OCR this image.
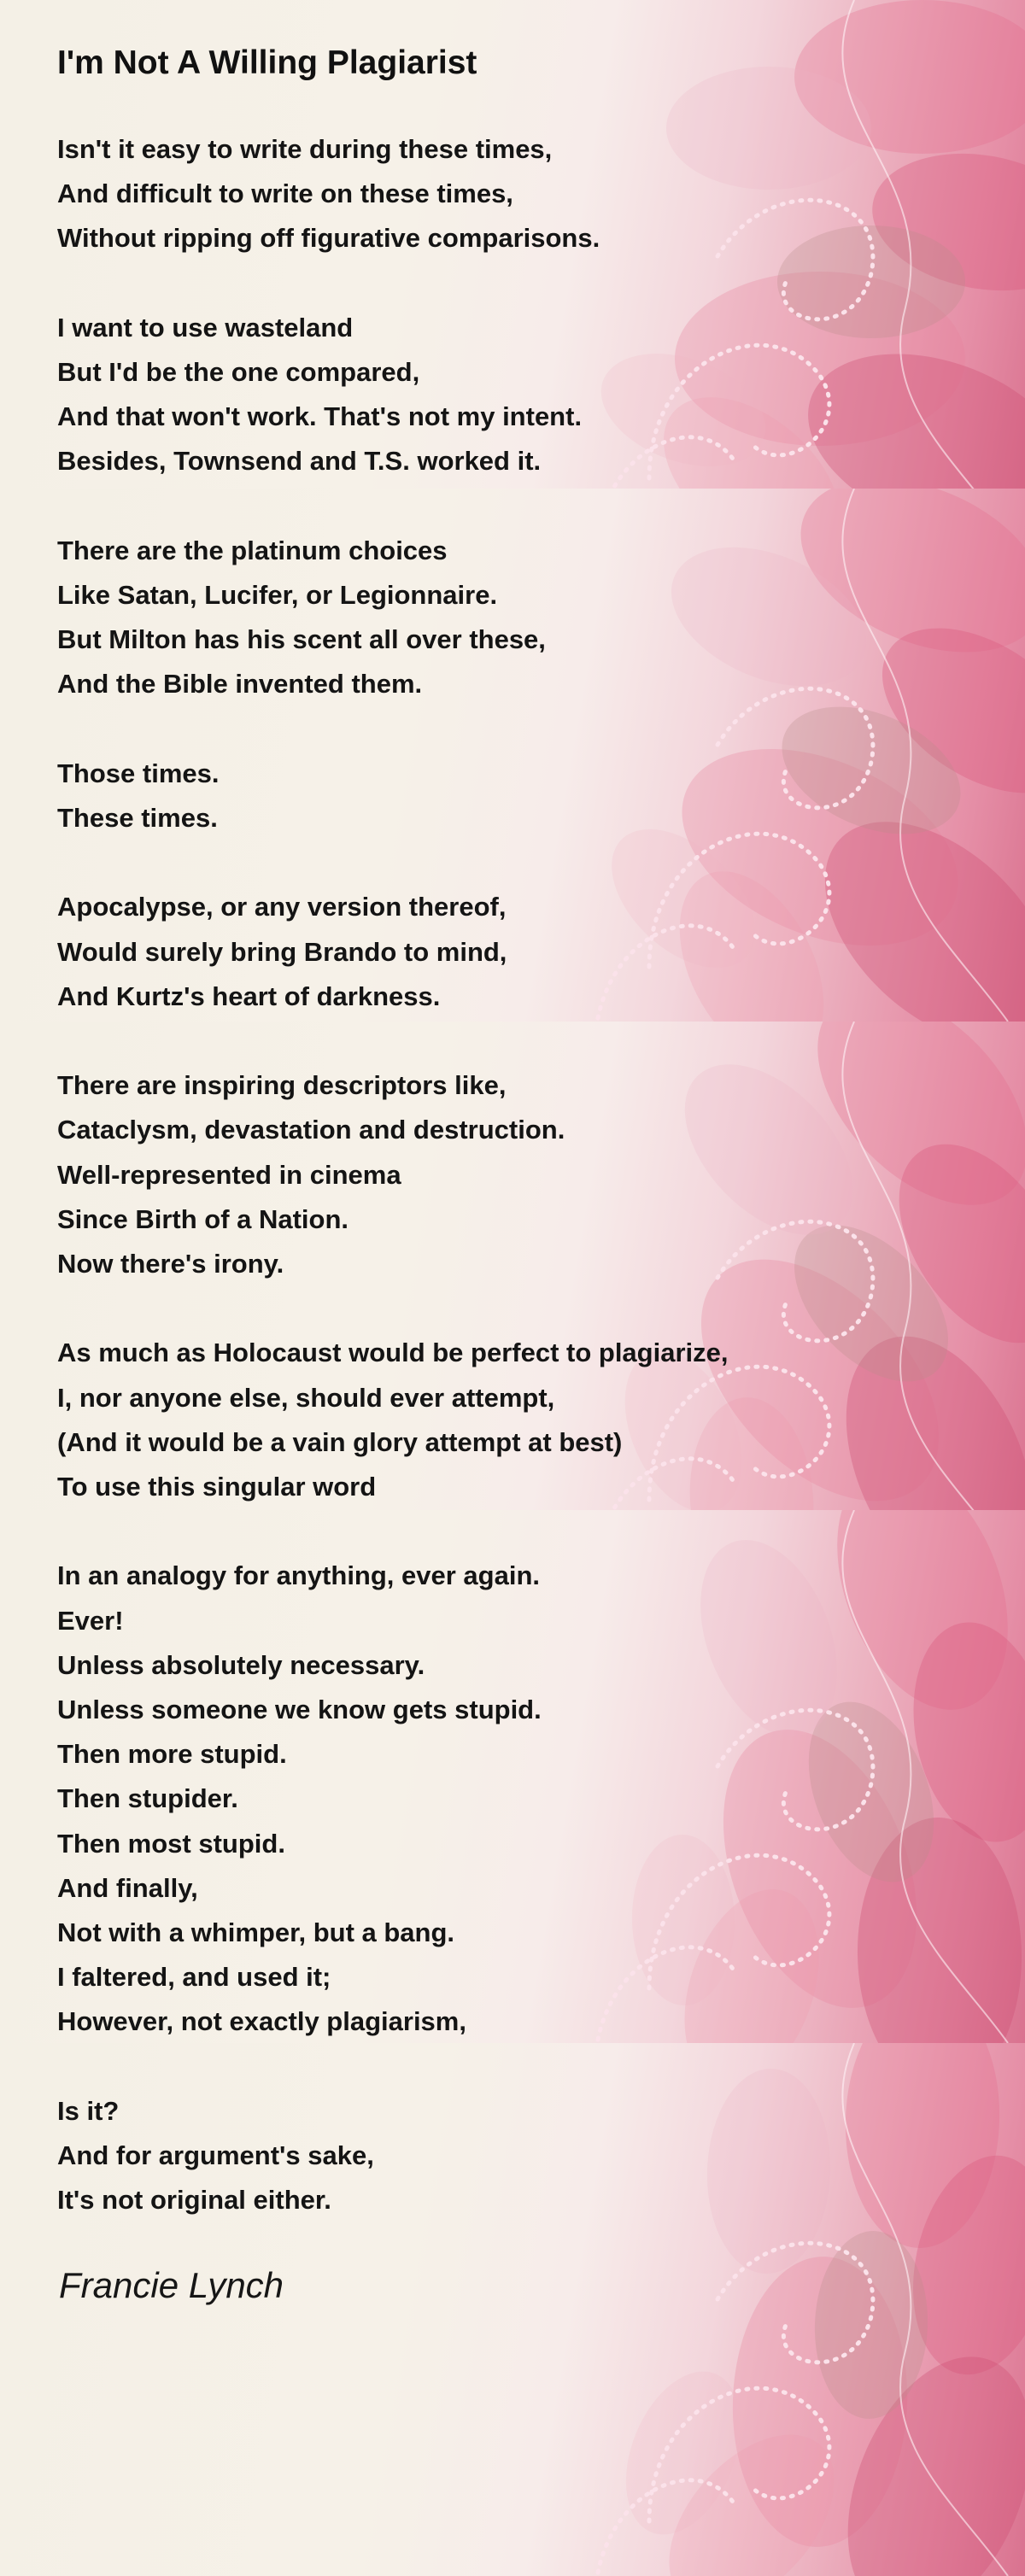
I'm Not A Willing Plagiarist

Isn't it easy to write during these times,

And difficult to write on these times,

Without ripping off figurative comparisons.

I want to use wasteland

But I'd be the one compared,

And that won't work. That's not my intent.

Besides, Townsend and T.S. worked it.

There are the platinum choices

Like Satan, Lucifer, or Legionnaire.

But Milton has his scent all over these,

And the Bible invented them.

Those times.

These times.

Apocalypse, or any version thereof,

Would surely bring Brando to mind,

And Kurtz's heart of darkness.

There are inspiring descriptors like,

Cataclysm, devastation and destruction.

Well-represented in cinema

Since Birth of a Nation.

Now there's irony.

As much as Holocaust would be perfect to plagiarize,

I, nor anyone else, should ever attempt,

(And it would be a vain glory attempt at best)

To use this singular word

In an analogy for anything, ever again.

Ever!

Unless absolutely necessary.

Unless someone we know gets stupid.

Then more stupid.

Then stupider.

Then most stupid.

And finally,

Not with a whimper, but a bang.

I faltered, and used it;

However, not exactly plagiarism,

Is it?

And for argument's sake,

It's not original either.

Francie Lynch
